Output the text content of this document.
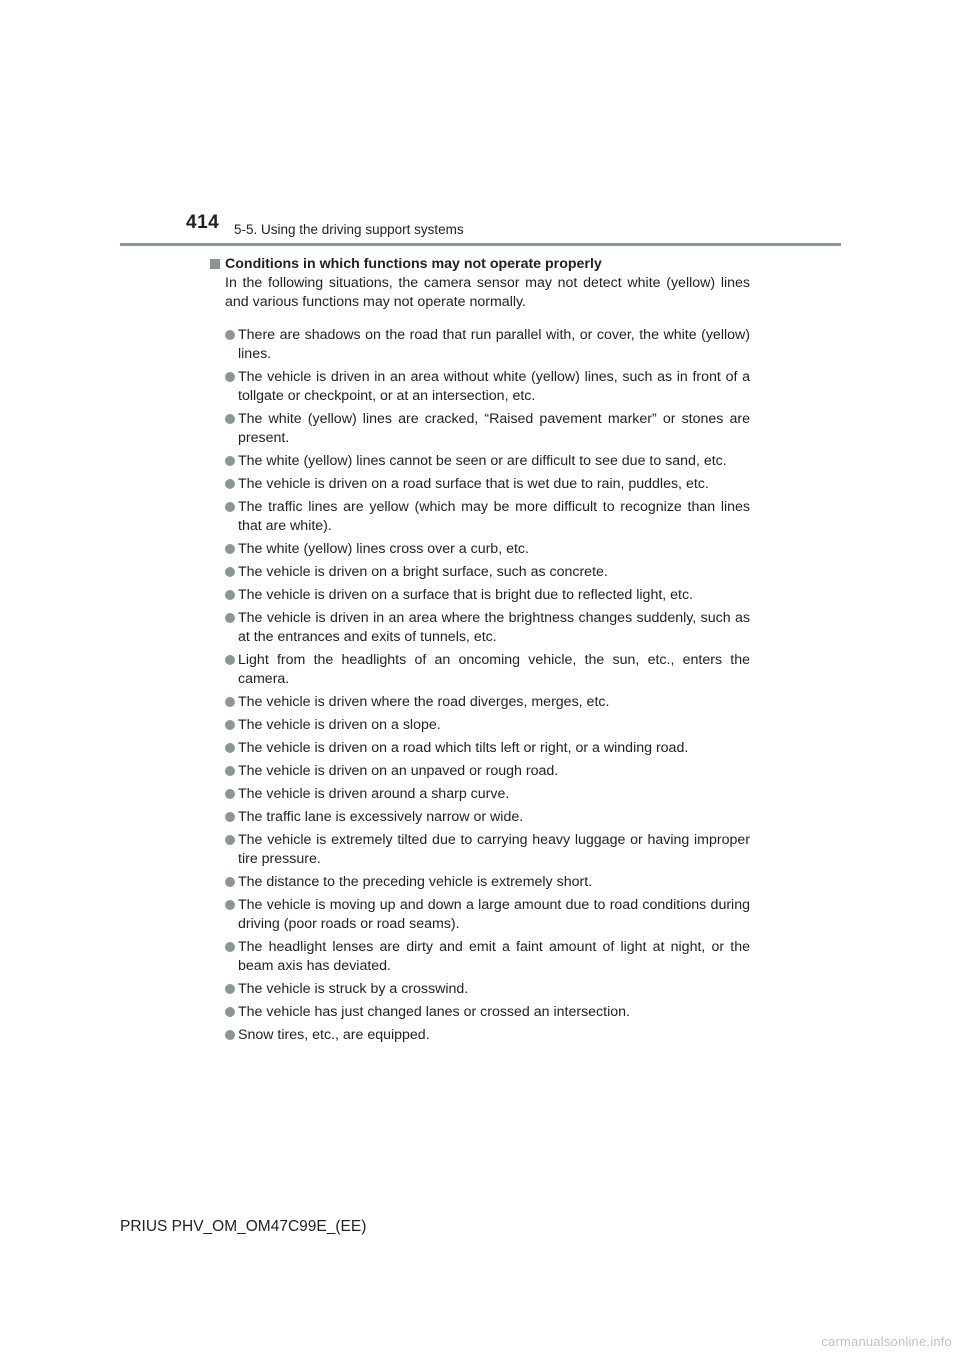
414 5-5. Using the driving support systems
Conditions in which functions may not operate properly

In the following situations, the camera sensor may not detect white (yellow) lines and various functions may not operate normally.

There are shadows on the road that run parallel with, or cover, the white (yellow) lines.
The vehicle is driven in an area without white (yellow) lines, such as in front of a tollgate or checkpoint, or at an intersection, etc.
The white (yellow) lines are cracked, “Raised pavement marker” or stones are present.
The white (yellow) lines cannot be seen or are difficult to see due to sand, etc.
The vehicle is driven on a road surface that is wet due to rain, puddles, etc.
The traffic lines are yellow (which may be more difficult to recognize than lines that are white).
The white (yellow) lines cross over a curb, etc.
The vehicle is driven on a bright surface, such as concrete.
The vehicle is driven on a surface that is bright due to reflected light, etc.
The vehicle is driven in an area where the brightness changes suddenly, such as at the entrances and exits of tunnels, etc.
Light from the headlights of an oncoming vehicle, the sun, etc., enters the camera.
The vehicle is driven where the road diverges, merges, etc.
The vehicle is driven on a slope.
The vehicle is driven on a road which tilts left or right, or a winding road.
The vehicle is driven on an unpaved or rough road.
The vehicle is driven around a sharp curve.
The traffic lane is excessively narrow or wide.
The vehicle is extremely tilted due to carrying heavy luggage or having improper tire pressure.
The distance to the preceding vehicle is extremely short.
The vehicle is moving up and down a large amount due to road conditions during driving (poor roads or road seams).
The headlight lenses are dirty and emit a faint amount of light at night, or the beam axis has deviated.
The vehicle is struck by a crosswind.
The vehicle has just changed lanes or crossed an intersection.
Snow tires, etc., are equipped.
PRIUS PHV_OM_OM47C99E_(EE)
carmanualsonline.info
